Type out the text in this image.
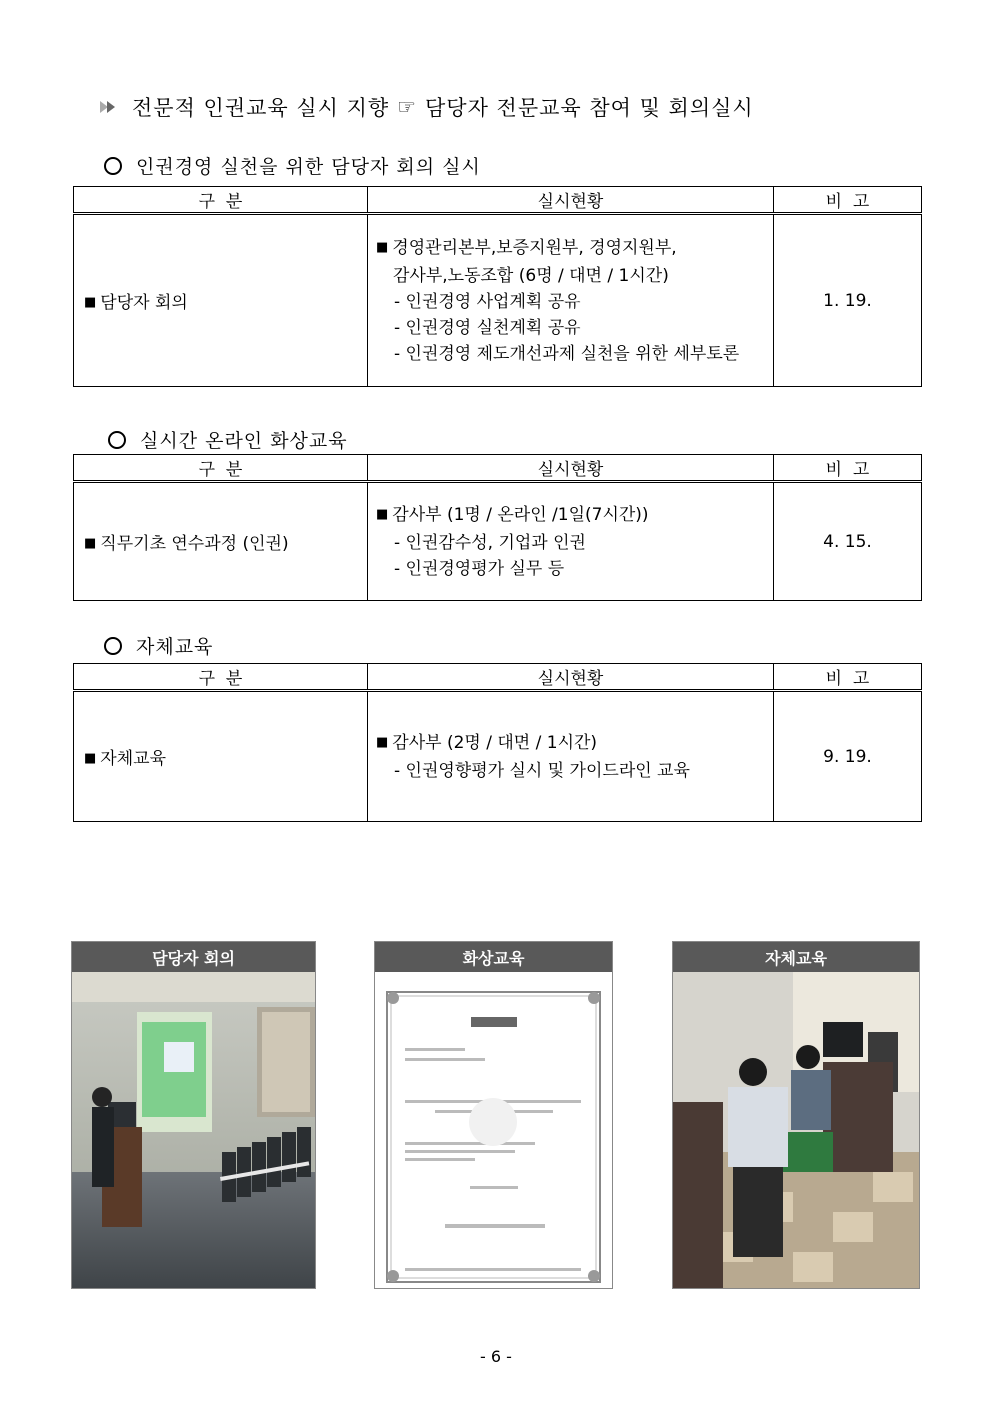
전문적 인권교육 실시 지향 ☞ 담당자 전문교육 참여 및 회의실시
인권경영 실천을 위한 담당자 회의 실시
구  분	실시현황	비  고
■ 담당자 회의	■ 경영관리본부,보증지원부, 경영지원부,
감사부,노동조합 (6명 / 대면 / 1시간)
- 인권경영 사업계획 공유
- 인권경영 실천계획 공유
- 인권경영 제도개선과제 실천을 위한 세부토론	1. 19.
실시간 온라인 화상교육
구  분	실시현황	비  고
■ 직무기초 연수과정 (인권)	■ 감사부 (1명 / 온라인 /1일(7시간))
- 인권감수성, 기업과 인권
- 인권경영평가 실무 등	4. 15.
자체교육
구  분	실시현황	비  고
■ 자체교육	■ 감사부 (2명 / 대면 / 1시간)
- 인권영향평가 실시 및 가이드라인 교육	9. 19.
담당자 회의	화상교육	자체교육
- 6 -
